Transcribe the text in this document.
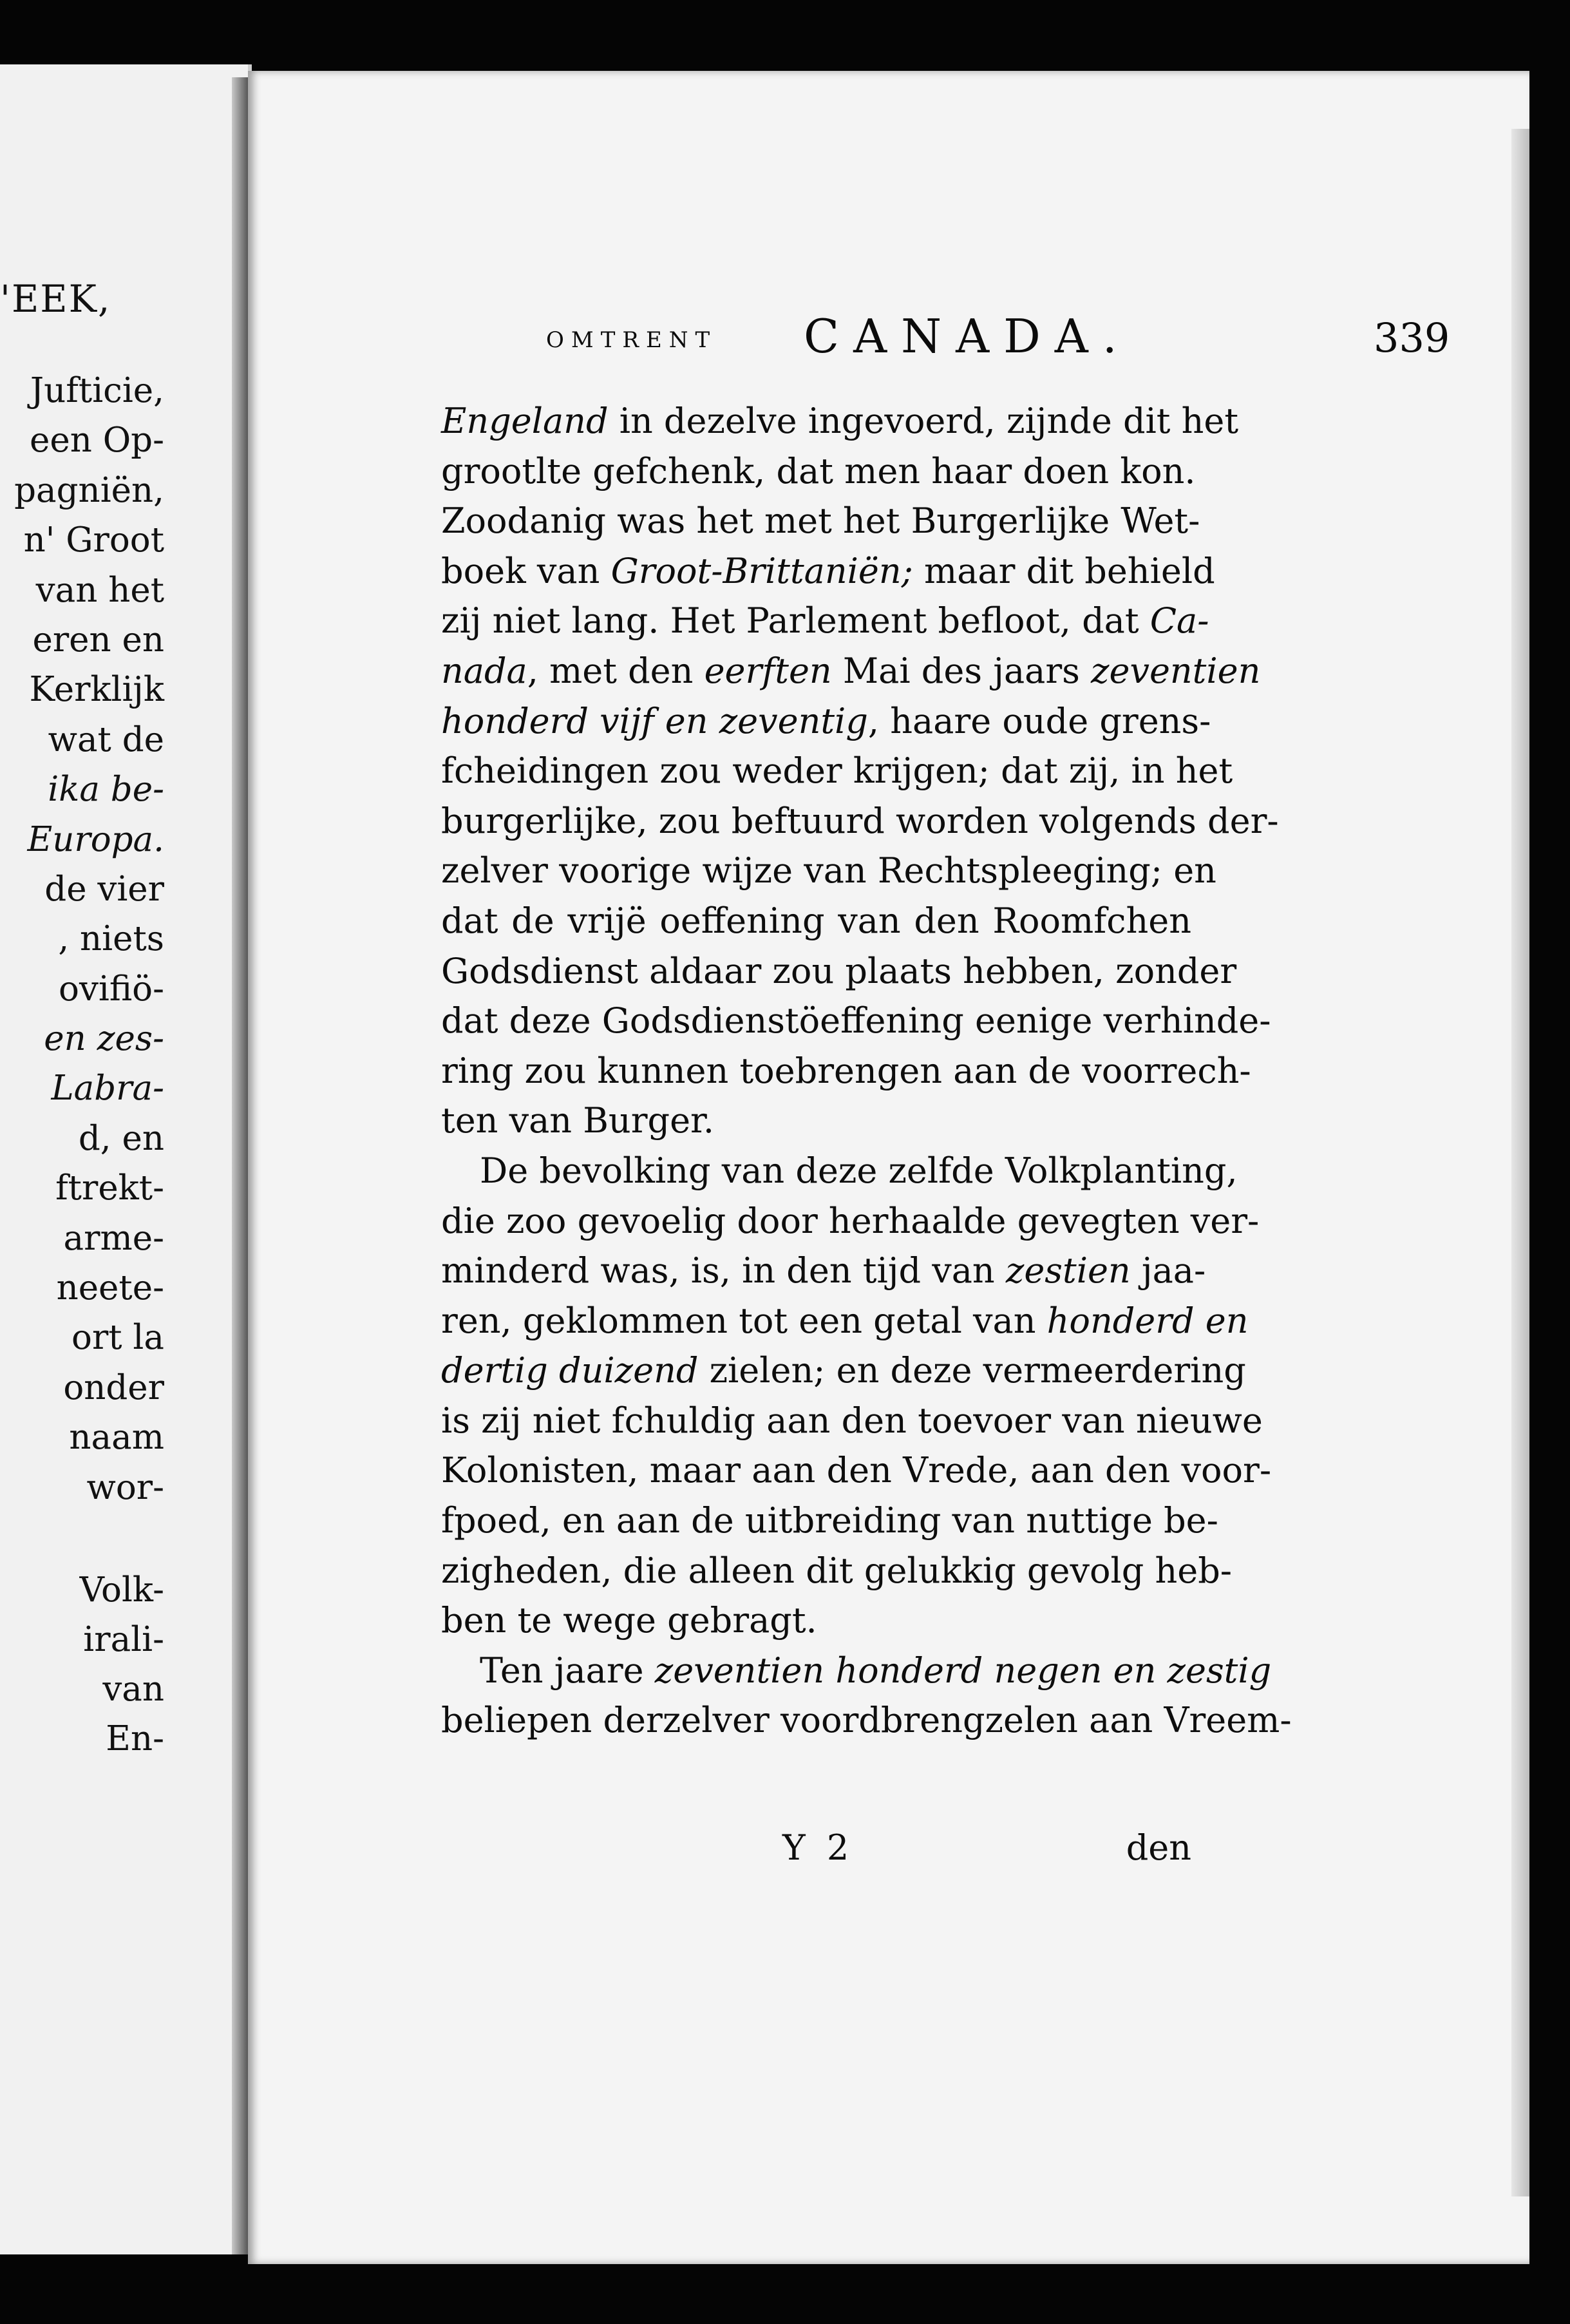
'EEK,
Jufticie,
een Op-
pagniën,
n' Groot
van het
eren en
Kerklijk
wat de
ika be-
Europa.
de vier
, niets
ovifiö-
en zes-
Labra-
d, en
ftrekt-
arme-
neete-
ort la
onder
naam
wor-
Volk-
irali-
van
En-
OMTRENT CANADA.	339
Engeland in dezelve ingevoerd, zijnde dit het
grootlte gefchenk, dat men haar doen kon.
Zoodanig was het met het Burgerlijke Wet-
boek van Groot-Brittaniën; maar dit behield
zij niet lang. Het Parlement befloot, dat Ca-
nada, met den eerften Mai des jaars zeventien
honderd vijf en zeventig, haare oude grens-
fcheidingen zou weder krijgen; dat zij, in het
burgerlijke, zou beftuurd worden volgends der-
zelver voorige wijze van Rechtspleeging; en
dat de vrijë oeffening van den Roomfchen
Godsdienst aldaar zou plaats hebben, zonder
dat deze Godsdienstöeffening eenige verhinde-
ring zou kunnen toebrengen aan de voorrech-
ten van Burger.
De bevolking van deze zelfde Volkplanting,
die zoo gevoelig door herhaalde gevegten ver-
minderd was, is, in den tijd van zestien jaa-
ren, geklommen tot een getal van honderd en
dertig duizend zielen; en deze vermeerdering
is zij niet fchuldig aan den toevoer van nieuwe
Kolonisten, maar aan den Vrede, aan den voor-
fpoed, en aan de uitbreiding van nuttige be-
zigheden, die alleen dit gelukkig gevolg heb-
ben te wege gebragt.
Ten jaare zeventien honderd negen en zestig
beliepen derzelver voordbrengzelen aan Vreem-
Y 2	den
